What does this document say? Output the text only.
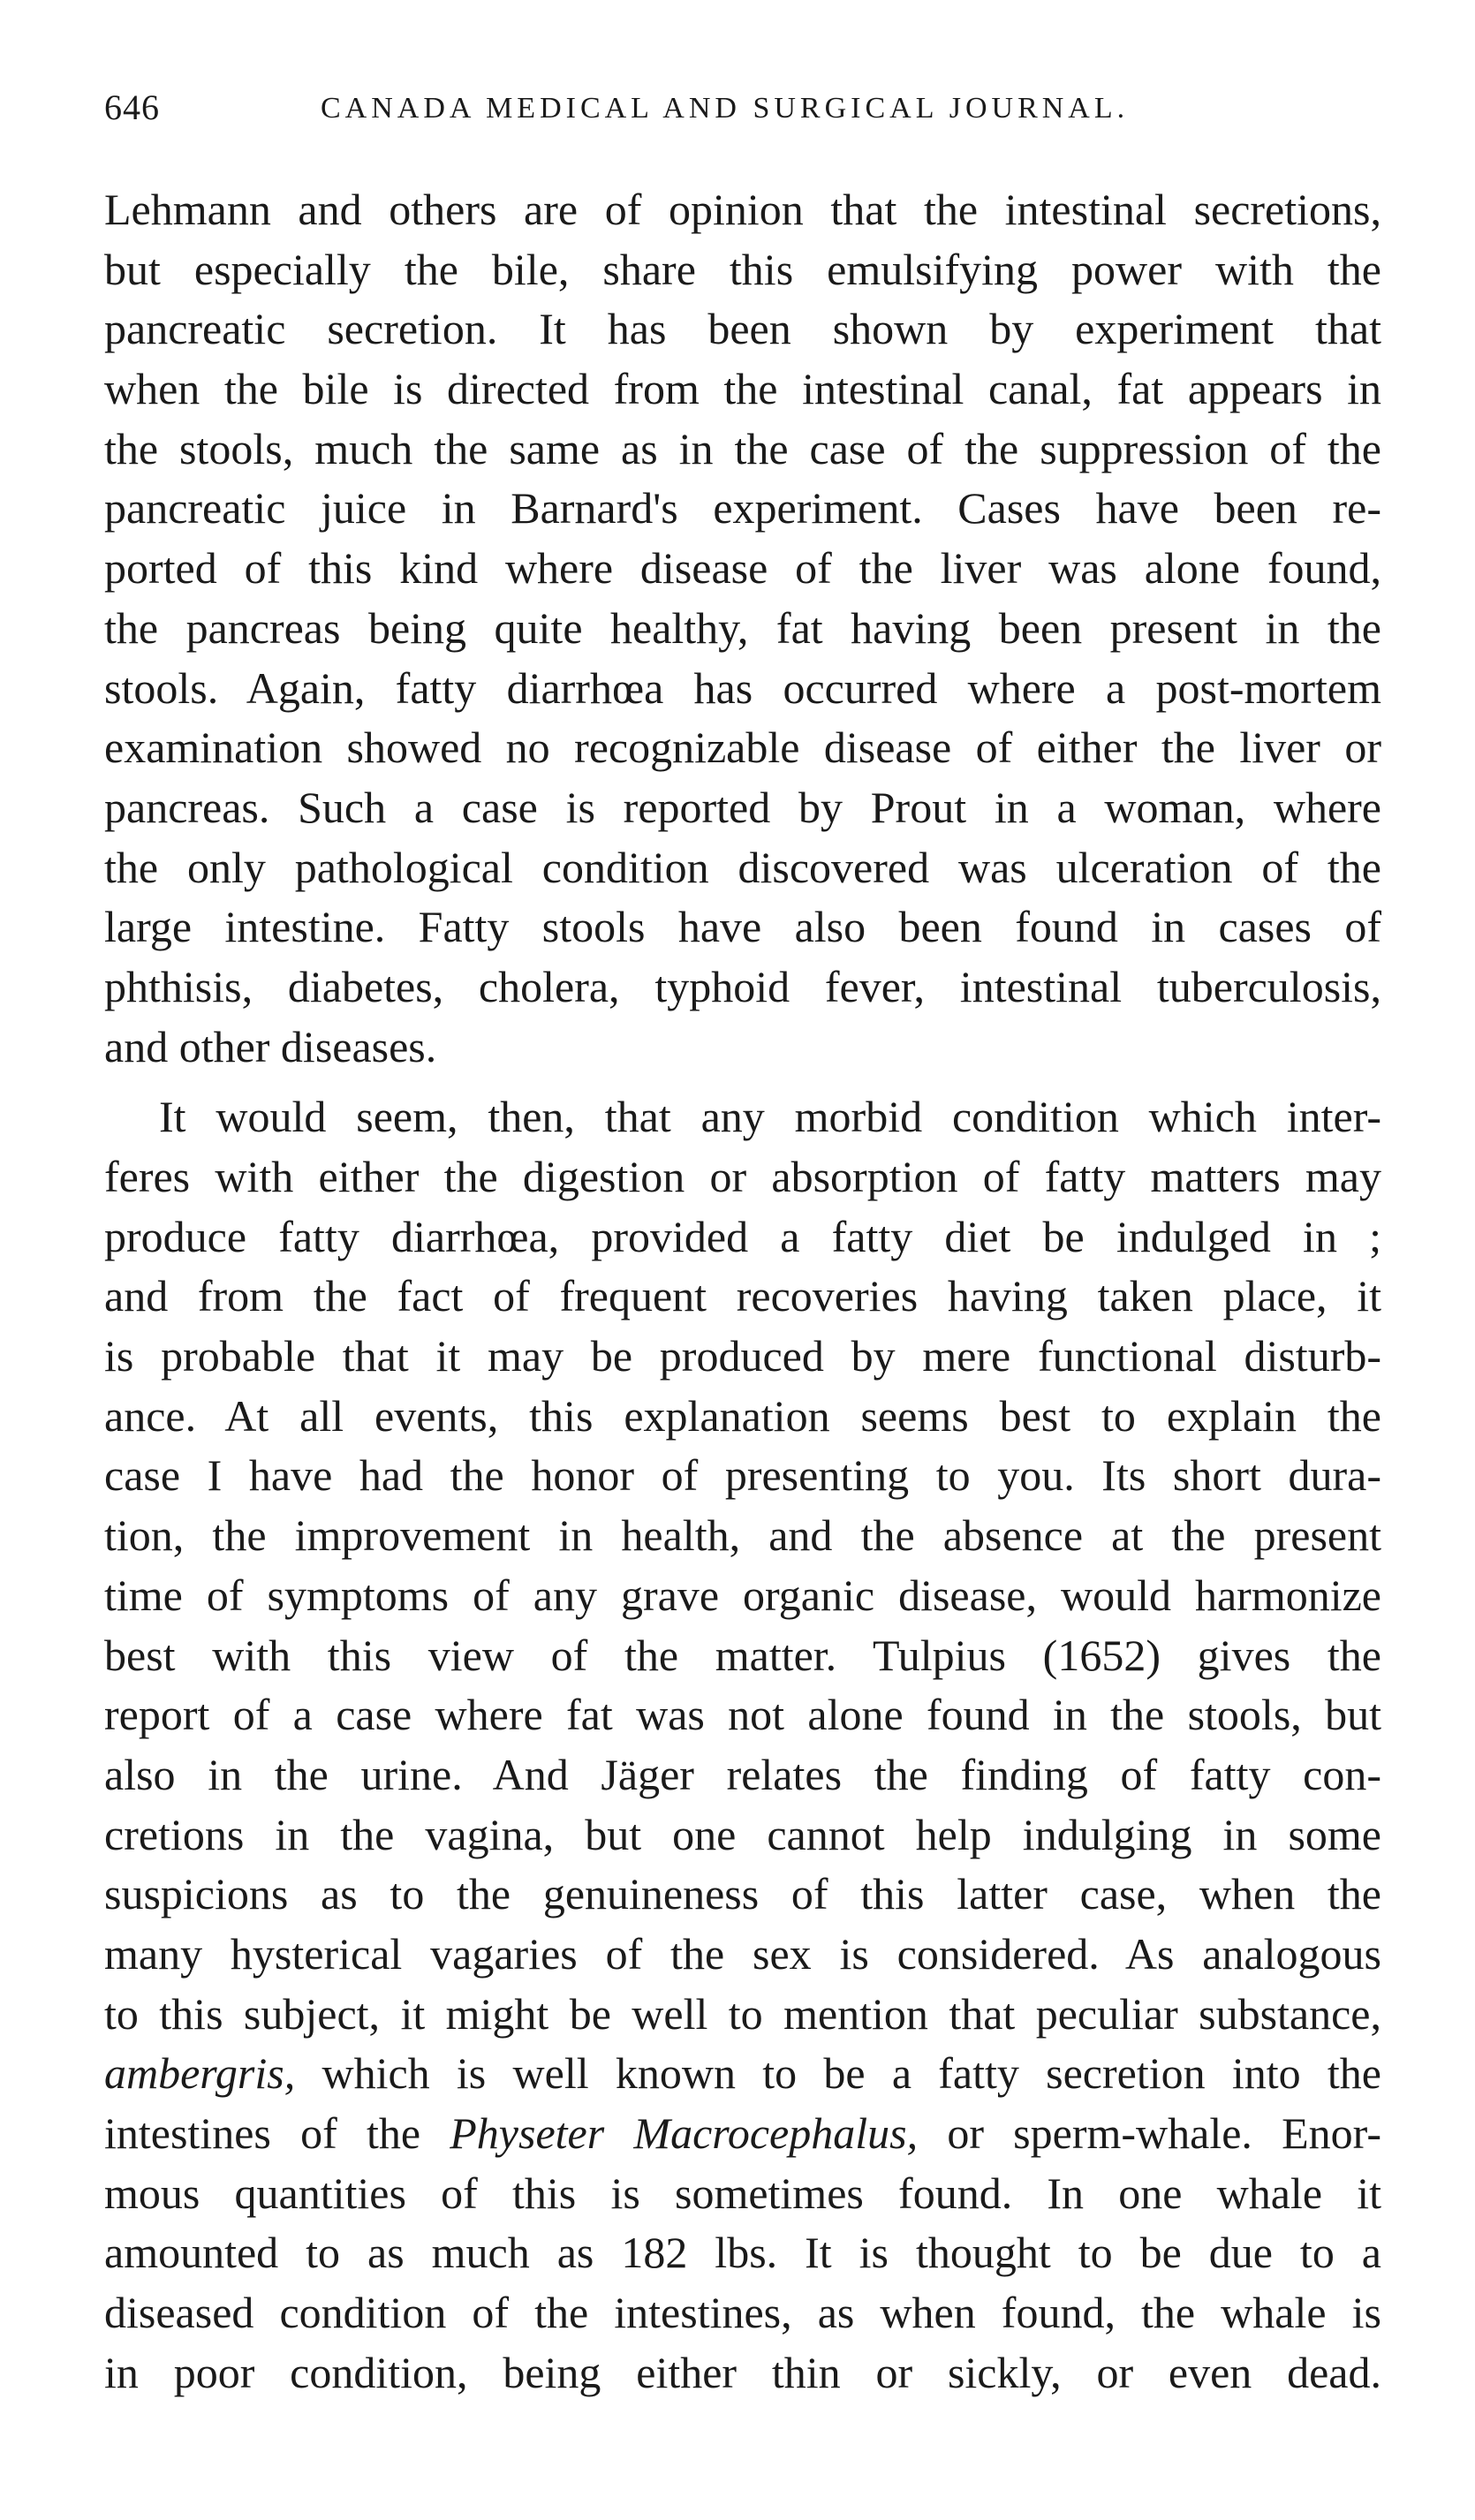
646	CANADA MEDICAL AND SURGICAL JOURNAL.
Lehmann and others are of opinion that the intestinal secretions,
but especially the bile, share this emulsifying power with the
pancreatic secretion. It has been shown by experiment that
when the bile is directed from the intestinal canal, fat appears in
the stools, much the same as in the case of the suppression of the
pancreatic juice in Barnard's experiment. Cases have been re-
ported of this kind where disease of the liver was alone found,
the pancreas being quite healthy, fat having been present in the
stools. Again, fatty diarrhœa has occurred where a post-mortem
examination showed no recognizable disease of either the liver or
pancreas. Such a case is reported by Prout in a woman, where
the only pathological condition discovered was ulceration of the
large intestine. Fatty stools have also been found in cases of
phthisis, diabetes, cholera, typhoid fever, intestinal tuberculosis,
and other diseases.
It would seem, then, that any morbid condition which inter-
feres with either the digestion or absorption of fatty matters may
produce fatty diarrhœa, provided a fatty diet be indulged in ;
and from the fact of frequent recoveries having taken place, it
is probable that it may be produced by mere functional disturb-
ance. At all events, this explanation seems best to explain the
case I have had the honor of presenting to you. Its short dura-
tion, the improvement in health, and the absence at the present
time of symptoms of any grave organic disease, would harmonize
best with this view of the matter. Tulpius (1652) gives the
report of a case where fat was not alone found in the stools, but
also in the urine. And Jäger relates the finding of fatty con-
cretions in the vagina, but one cannot help indulging in some
suspicions as to the genuineness of this latter case, when the
many hysterical vagaries of the sex is considered. As analogous
to this subject, it might be well to mention that peculiar substance,
ambergris, which is well known to be a fatty secretion into the
intestines of the Physeter Macrocephalus, or sperm-whale. Enor-
mous quantities of this is sometimes found. In one whale it
amounted to as much as 182 lbs. It is thought to be due to a
diseased condition of the intestines, as when found, the whale is
in poor condition, being either thin or sickly, or even dead.
